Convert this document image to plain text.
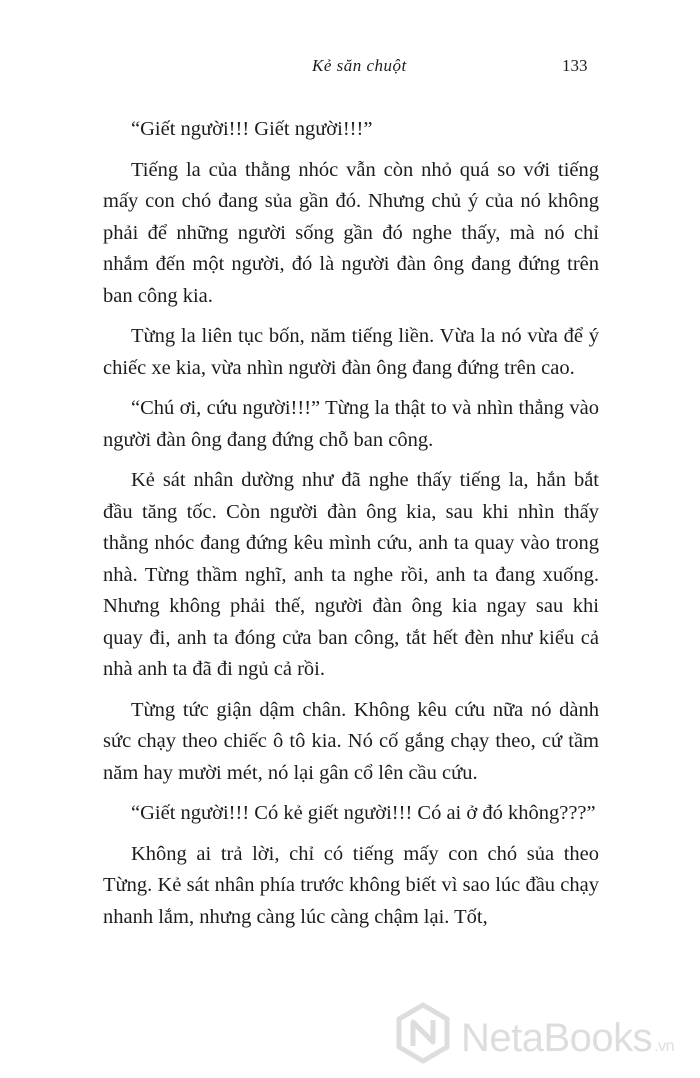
Kẻ săn chuột	133

“Giết người!!! Giết người!!!”

Tiếng la của thằng nhóc vẫn còn nhỏ quá so với tiếng mấy con chó đang sủa gần đó. Nhưng chủ ý của nó không phải để những người sống gần đó nghe thấy, mà nó chỉ nhắm đến một người, đó là người đàn ông đang đứng trên ban công kia.

Từng la liên tục bốn, năm tiếng liền. Vừa la nó vừa để ý chiếc xe kia, vừa nhìn người đàn ông đang đứng trên cao.

“Chú ơi, cứu người!!!” Từng la thật to và nhìn thẳng vào người đàn ông đang đứng chỗ ban công.

Kẻ sát nhân dường như đã nghe thấy tiếng la, hắn bắt đầu tăng tốc. Còn người đàn ông kia, sau khi nhìn thấy thằng nhóc đang đứng kêu mình cứu, anh ta quay vào trong nhà. Từng thầm nghĩ, anh ta nghe rồi, anh ta đang xuống. Nhưng không phải thế, người đàn ông kia ngay sau khi quay đi, anh ta đóng cửa ban công, tắt hết đèn như kiểu cả nhà anh ta đã đi ngủ cả rồi.

Từng tức giận dậm chân. Không kêu cứu nữa nó dành sức chạy theo chiếc ô tô kia. Nó cố gắng chạy theo, cứ tầm năm hay mười mét, nó lại gân cổ lên cầu cứu.

“Giết người!!! Có kẻ giết người!!! Có ai ở đó không???”

Không ai trả lời, chỉ có tiếng mấy con chó sủa theo Từng. Kẻ sát nhân phía trước không biết vì sao lúc đầu chạy nhanh lắm, nhưng càng lúc càng chậm lại. Tốt,

NetaBooks .vn
